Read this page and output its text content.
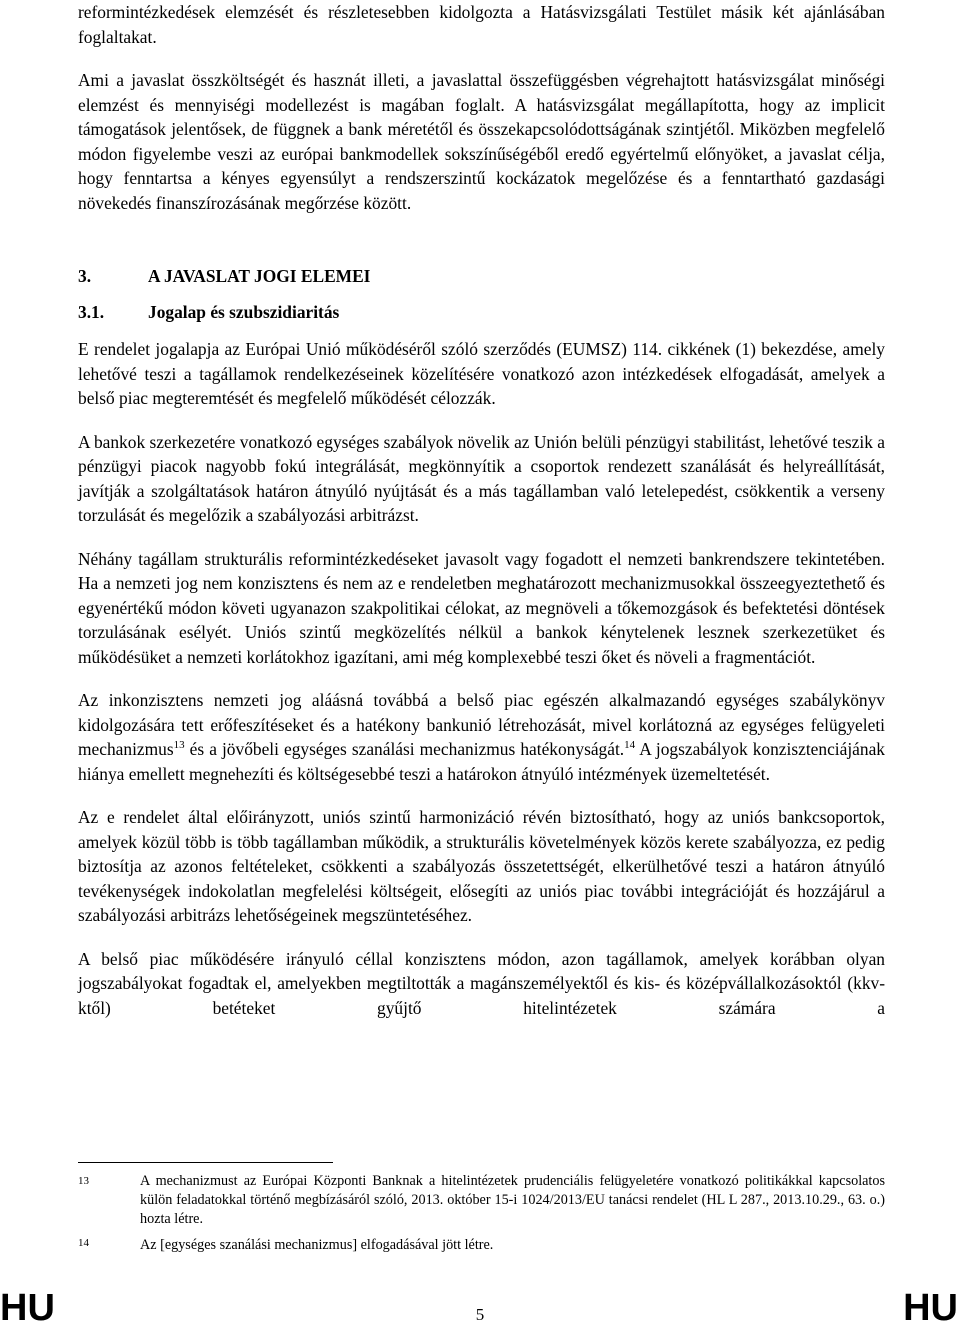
reformintézkedések elemzését és részletesebben kidolgozta a Hatásvizsgálati Testület másik két ajánlásában foglaltakat.

Ami a javaslat összköltségét és hasznát illeti, a javaslattal összefüggésben végrehajtott hatásvizsgálat minőségi elemzést és mennyiségi modellezést is magában foglalt. A hatásvizsgálat megállapította, hogy az implicit támogatások jelentősek, de függnek a bank méretétől és összekapcsolódottságának szintjétől. Miközben megfelelő módon figyelembe veszi az európai bankmodellek sokszínűségéből eredő egyértelmű előnyöket, a javaslat célja, hogy fenntartsa a kényes egyensúlyt a rendszerszintű kockázatok megelőzése és a fenntartható gazdasági növekedés finanszírozásának megőrzése között.

3.	A JAVASLAT JOGI ELEMEI
3.1.	Jogalap és szubszidiaritás

E rendelet jogalapja az Európai Unió működéséről szóló szerződés (EUMSZ) 114. cikkének (1) bekezdése, amely lehetővé teszi a tagállamok rendelkezéseinek közelítésére vonatkozó azon intézkedések elfogadását, amelyek a belső piac megteremtését és megfelelő működését célozzák.

A bankok szerkezetére vonatkozó egységes szabályok növelik az Unión belüli pénzügyi stabilitást, lehetővé teszik a pénzügyi piacok nagyobb fokú integrálását, megkönnyítik a csoportok rendezett szanálását és helyreállítását, javítják a szolgáltatások határon átnyúló nyújtását és a más tagállamban való letelepedést, csökkentik a verseny torzulását és megelőzik a szabályozási arbitrázst.

Néhány tagállam strukturális reformintézkedéseket javasolt vagy fogadott el nemzeti bankrendszere tekintetében. Ha a nemzeti jog nem konzisztens és nem az e rendeletben meghatározott mechanizmusokkal összeegyeztethető és egyenértékű módon követi ugyanazon szakpolitikai célokat, az megnöveli a tőkemozgások és befektetési döntések torzulásának esélyét. Uniós szintű megközelítés nélkül a bankok kénytelenek lesznek szerkezetüket és működésüket a nemzeti korlátokhoz igazítani, ami még komplexebbé teszi őket és növeli a fragmentációt.

Az inkonzisztens nemzeti jog aláásná továbbá a belső piac egészén alkalmazandó egységes szabálykönyv kidolgozására tett erőfeszítéseket és a hatékony bankunió létrehozását, mivel korlátozná az egységes felügyeleti mechanizmus$^{13}$ és a jövőbeli egységes szanálási mechanizmus hatékonyságát.$^{14}$ A jogszabályok konzisztenciájának hiánya emellett megnehezíti és költségesebbé teszi a határokon átnyúló intézmények üzemeltetését.

Az e rendelet által előirányzott, uniós szintű harmonizáció révén biztosítható, hogy az uniós bankcsoportok, amelyek közül több is több tagállamban működik, a strukturális követelmények közös kerete szabályozza, ez pedig biztosítja az azonos feltételeket, csökkenti a szabályozás összetettségét, elkerülhetővé teszi a határon átnyúló tevékenységek indokolatlan megfelelési költségeit, elősegíti az uniós piac további integrációját és hozzájárul a szabályozási arbitrázs lehetőségeinek megszüntetéséhez.

A belső piac működésére irányuló céllal konzisztens módon, azon tagállamok, amelyek korábban olyan jogszabályokat fogadtak el, amelyekben megtiltották a magánszemélyektől és kis- és középvállalkozásoktól (kkv-ktől) betéteket gyűjtő hitelintézetek számára a

13	A mechanizmust az Európai Központi Banknak a hitelintézetek prudenciális felügyeletére vonatkozó politikákkal kapcsolatos külön feladatokkal történő megbízásáról szóló, 2013. október 15-i 1024/2013/EU tanácsi rendelet (HL L 287., 2013.10.29., 63. o.) hozta létre.
14	Az [egységes szanálási mechanizmus] elfogadásával jött létre.
HU	5	HU
